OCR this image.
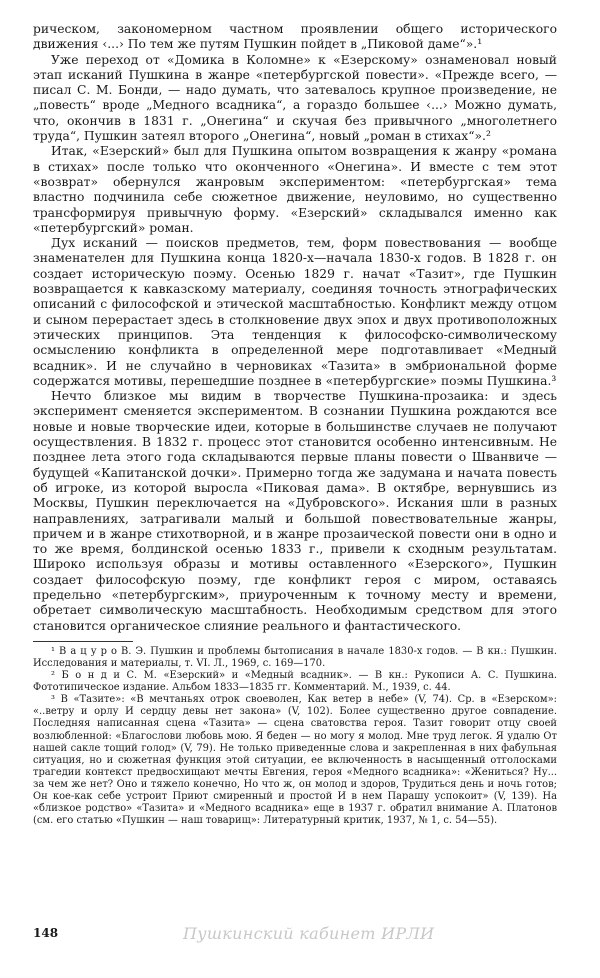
рическом, закономерном частном проявлении общего исторического движения ‹...› По тем же путям Пушкин пойдет в „Пиковой даме“».¹

Уже переход от «Домика в Коломне» к «Езерскому» ознаменовал новый этап исканий Пушкина в жанре «петербургской повести». «Прежде всего, — писал С. М. Бонди, — надо думать, что затевалось крупное произведение, не „повесть“ вроде „Медного всадника“, а гораздо большее ‹...› Можно думать, что, окончив в 1831 г. „Онегина“ и скучая без привычного „многолетнего труда“, Пушкин затеял второго „Онегина“, новый „роман в стихах“».²

Итак, «Езерский» был для Пушкина опытом возвращения к жанру «романа в стихах» после только что оконченного «Онегина». И вместе с тем этот «возврат» обернулся жанровым экспериментом: «петербургская» тема властно подчинила себе сюжетное движение, неуловимо, но существенно трансформируя привычную форму. «Езерский» складывался именно как «петербургский» роман.

Дух исканий — поисков предметов, тем, форм повествования — вообще знаменателен для Пушкина конца 1820-х—начала 1830-х годов. В 1828 г. он создает историческую поэму. Осенью 1829 г. начат «Тазит», где Пушкин возвращается к кавказскому материалу, соединяя точность этнографических описаний с философской и этической масштабностью. Конфликт между отцом и сыном перерастает здесь в столкновение двух эпох и двух противоположных этических принципов. Эта тенденция к философско-символическому осмыслению конфликта в определенной мере подготавливает «Медный всадник». И не случайно в черновиках «Тазита» в эмбриональной форме содержатся мотивы, перешедшие позднее в «петербургские» поэмы Пушкина.³

Нечто близкое мы видим в творчестве Пушкина-прозаика: и здесь эксперимент сменяется экспериментом. В сознании Пушкина рождаются все новые и новые творческие идеи, которые в большинстве случаев не получают осуществления. В 1832 г. процесс этот становится особенно интенсивным. Не позднее лета этого года складываются первые планы повести о Шванвиче — будущей «Капитанской дочки». Примерно тогда же задумана и начата повесть об игроке, из которой выросла «Пиковая дама». В октябре, вернувшись из Москвы, Пушкин переключается на «Дубровского». Искания шли в разных направлениях, затрагивали малый и большой повествовательные жанры, причем и в жанре стихотворной, и в жанре прозаической повести они в одно и то же время, болдинской осенью 1833 г., привели к сходным результатам. Широко используя образы и мотивы оставленного «Езерского», Пушкин создает философскую поэму, где конфликт героя с миром, оставаясь предельно «петербургским», приуроченным к точному месту и времени, обретает символическую масштабность. Необходимым средством для этого становится органическое слияние реального и фантастического.

¹ В а ц у р о В. Э. Пушкин и проблемы бытописания в начале 1830-х годов. — В кн.: Пушкин. Исследования и материалы, т. VI. Л., 1969, с. 169—170.

² Б о н д и С. М. «Езерский» и «Медный всадник». — В кн.: Рукописи А. С. Пушкина. Фототипическое издание. Альбом 1833—1835 гг. Комментарий. М., 1939, с. 44.

³ В «Тазите»: «В мечтаньях отрок своеволен, Как ветер в небе» (V, 74). Ср. в «Езерском»: «..ветру и орлу И сердцу девы нет закона» (V, 102). Более существенно другое совпадение. Последняя написанная сцена «Тазита» — сцена сватовства героя. Тазит говорит отцу своей возлюбленной: «Благослови любовь мою. Я беден — но могу я молод. Мне труд легок. Я удалю От нашей сакле тощий голод» (V, 79). Не только приведенные слова и закрепленная в них фабульная ситуация, но и сюжетная функция этой ситуации, ее включенность в насыщенный отголосками трагедии контекст предвосхищают мечты Евгения, героя «Медного всадника»: «Жениться? Ну... за чем же нет? Оно и тяжело конечно, Но что ж, он молод и здоров, Трудиться день и ночь готов; Он кое-как себе устроит Приют смиренный и простой И в нем Парашу успокоит» (V, 139). На «близкое родство» «Тазита» и «Медного всадника» еще в 1937 г. обратил внимание А. Платонов (см. его статью «Пушкин — наш товарищ»: Литературный критик, 1937, № 1, с. 54—55).

148	Пушкинский кабинет ИРЛИ
